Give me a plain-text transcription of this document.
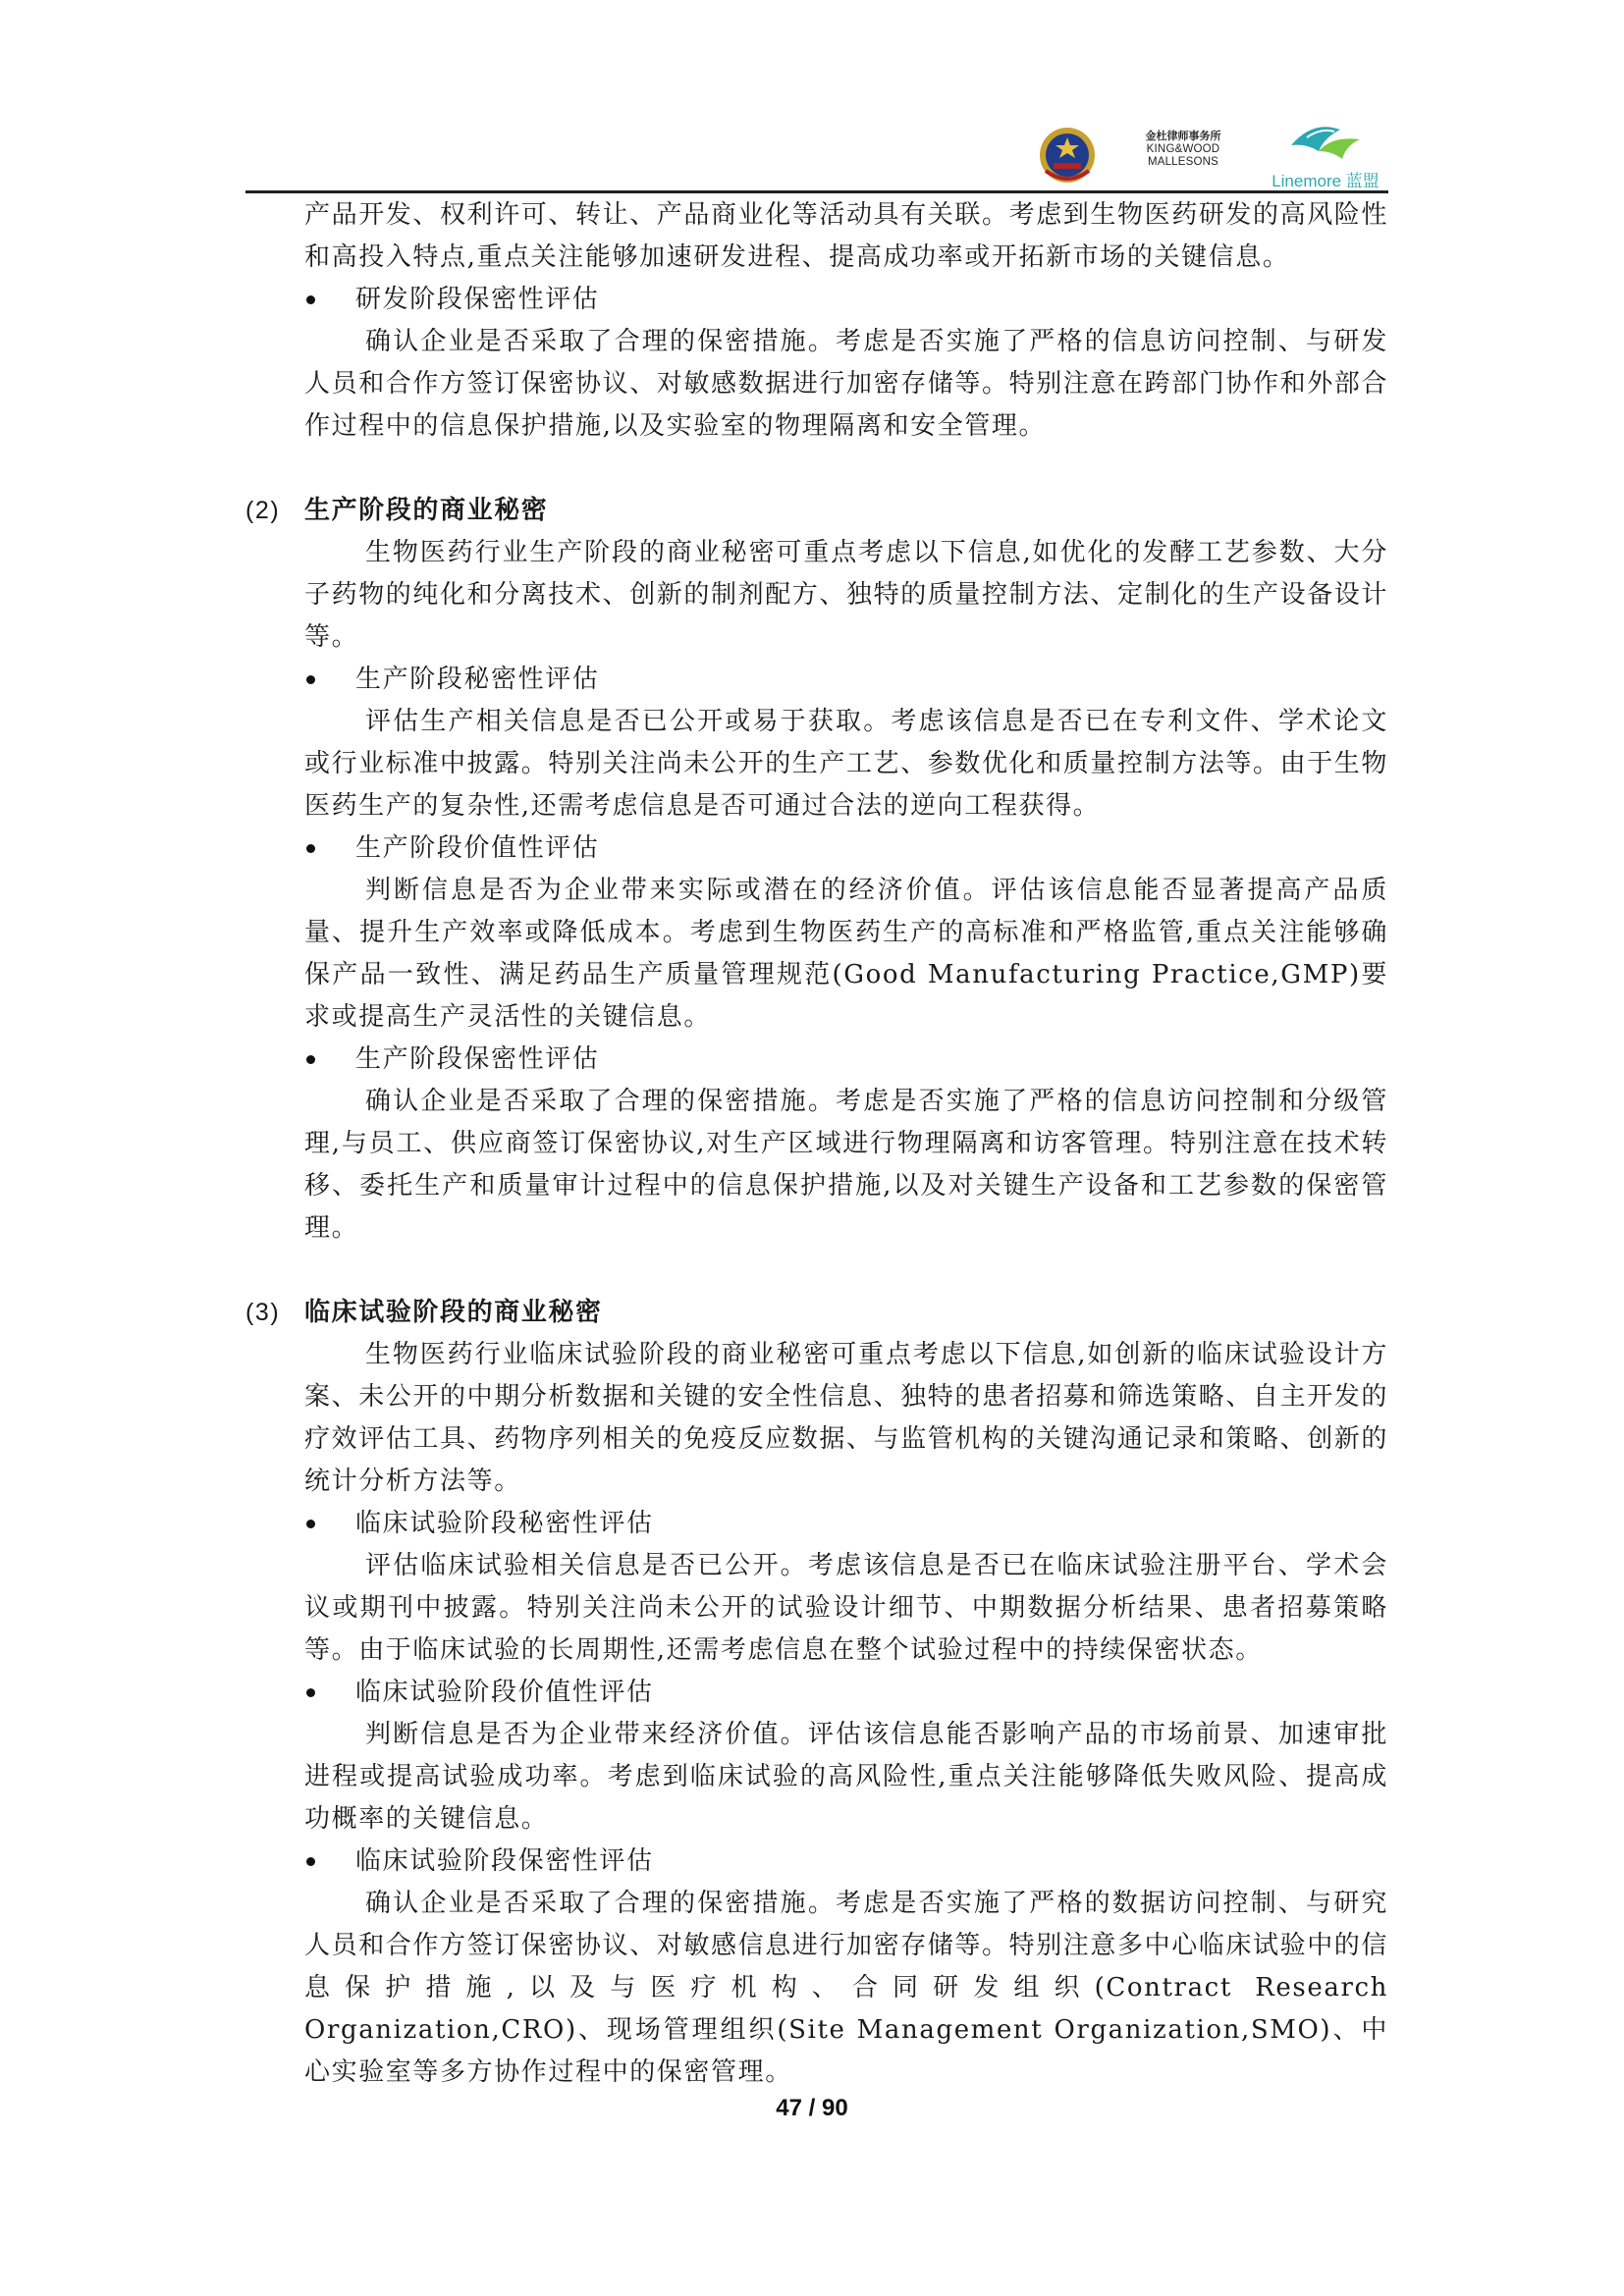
金杜律师事务所
KING&WOOD
MALLESONS
Linemore 蓝盟

产品开发、权利许可、转让、产品商业化等活动具有关联。考虑到生物医药研发的高风险性和高投入特点,重点关注能够加速研发进程、提高成功率或开拓新市场的关键信息。

研发阶段保密性评估

确认企业是否采取了合理的保密措施。考虑是否实施了严格的信息访问控制、与研发人员和合作方签订保密协议、对敏感数据进行加密存储等。特别注意在跨部门协作和外部合作过程中的信息保护措施,以及实验室的物理隔离和安全管理。

(2) 生产阶段的商业秘密

生物医药行业生产阶段的商业秘密可重点考虑以下信息,如优化的发酵工艺参数、大分子药物的纯化和分离技术、创新的制剂配方、独特的质量控制方法、定制化的生产设备设计等。

生产阶段秘密性评估

评估生产相关信息是否已公开或易于获取。考虑该信息是否已在专利文件、学术论文或行业标准中披露。特别关注尚未公开的生产工艺、参数优化和质量控制方法等。由于生物医药生产的复杂性,还需考虑信息是否可通过合法的逆向工程获得。

生产阶段价值性评估

判断信息是否为企业带来实际或潜在的经济价值。评估该信息能否显著提高产品质量、提升生产效率或降低成本。考虑到生物医药生产的高标准和严格监管,重点关注能够确保产品一致性、满足药品生产质量管理规范(Good Manufacturing Practice,GMP)要求或提高生产灵活性的关键信息。

生产阶段保密性评估

确认企业是否采取了合理的保密措施。考虑是否实施了严格的信息访问控制和分级管理,与员工、供应商签订保密协议,对生产区域进行物理隔离和访客管理。特别注意在技术转移、委托生产和质量审计过程中的信息保护措施,以及对关键生产设备和工艺参数的保密管理。

(3) 临床试验阶段的商业秘密

生物医药行业临床试验阶段的商业秘密可重点考虑以下信息,如创新的临床试验设计方案、未公开的中期分析数据和关键的安全性信息、独特的患者招募和筛选策略、自主开发的疗效评估工具、药物序列相关的免疫反应数据、与监管机构的关键沟通记录和策略、创新的统计分析方法等。

临床试验阶段秘密性评估

评估临床试验相关信息是否已公开。考虑该信息是否已在临床试验注册平台、学术会议或期刊中披露。特别关注尚未公开的试验设计细节、中期数据分析结果、患者招募策略等。由于临床试验的长周期性,还需考虑信息在整个试验过程中的持续保密状态。

临床试验阶段价值性评估

判断信息是否为企业带来经济价值。评估该信息能否影响产品的市场前景、加速审批进程或提高试验成功率。考虑到临床试验的高风险性,重点关注能够降低失败风险、提高成功概率的关键信息。

临床试验阶段保密性评估

确认企业是否采取了合理的保密措施。考虑是否实施了严格的数据访问控制、与研究人员和合作方签订保密协议、对敏感信息进行加密存储等。特别注意多中心临床试验中的信息保护措施,以及与医疗机构、合同研发组织(Contract Research Organization,CRO)、现场管理组织(Site Management Organization,SMO)、中心实验室等多方协作过程中的保密管理。

47 / 90
